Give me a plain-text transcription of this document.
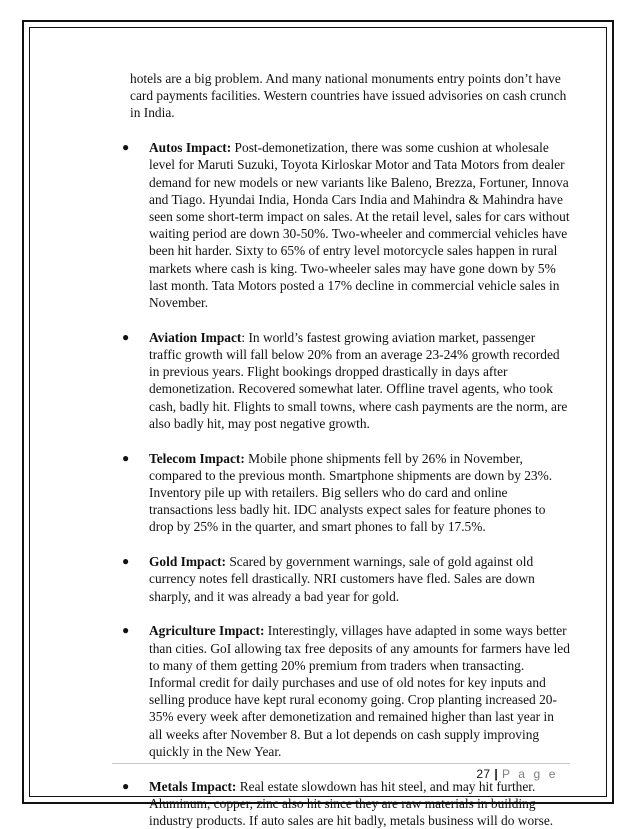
hotels are a big problem. And many national monuments entry points don’t have card payments facilities. Western countries have issued advisories on cash crunch in India.

● Autos Impact: Post-demonetization, there was some cushion at wholesale level for Maruti Suzuki, Toyota Kirloskar Motor and Tata Motors from dealer demand for new models or new variants like Baleno, Brezza, Fortuner, Innova and Tiago. Hyundai India, Honda Cars India and Mahindra & Mahindra have seen some short-term impact on sales. At the retail level, sales for cars without waiting period are down 30-50%. Two-wheeler and commercial vehicles have been hit harder. Sixty to 65% of entry level motorcycle sales happen in rural markets where cash is king. Two-wheeler sales may have gone down by 5% last month. Tata Motors posted a 17% decline in commercial vehicle sales in November.
● Aviation Impact: In world’s fastest growing aviation market, passenger traffic growth will fall below 20% from an average 23-24% growth recorded in previous years. Flight bookings dropped drastically in days after demonetization. Recovered somewhat later. Offline travel agents, who took cash, badly hit. Flights to small towns, where cash payments are the norm, are also badly hit, may post negative growth.
● Telecom Impact: Mobile phone shipments fell by 26% in November, compared to the previous month. Smartphone shipments are down by 23%. Inventory pile up with retailers. Big sellers who do card and online transactions less badly hit. IDC analysts expect sales for feature phones to drop by 25% in the quarter, and smart phones to fall by 17.5%.
● Gold Impact: Scared by government warnings, sale of gold against old currency notes fell drastically. NRI customers have fled. Sales are down sharply, and it was already a bad year for gold.
● Agriculture Impact: Interestingly, villages have adapted in some ways better than cities. GoI allowing tax free deposits of any amounts for farmers have led to many of them getting 20% premium from traders when transacting. Informal credit for daily purchases and use of old notes for key inputs and selling produce have kept rural economy going. Crop planting increased 20-35% every week after demonetization and remained higher than last year in all weeks after November 8. But a lot depends on cash supply improving quickly in the New Year.
● Metals Impact: Real estate slowdown has hit steel, and may hit further. Aluminum, copper, zinc also hit since they are raw materials in building industry products. If auto sales are hit badly, metals business will do worse.
27 | P a g e
